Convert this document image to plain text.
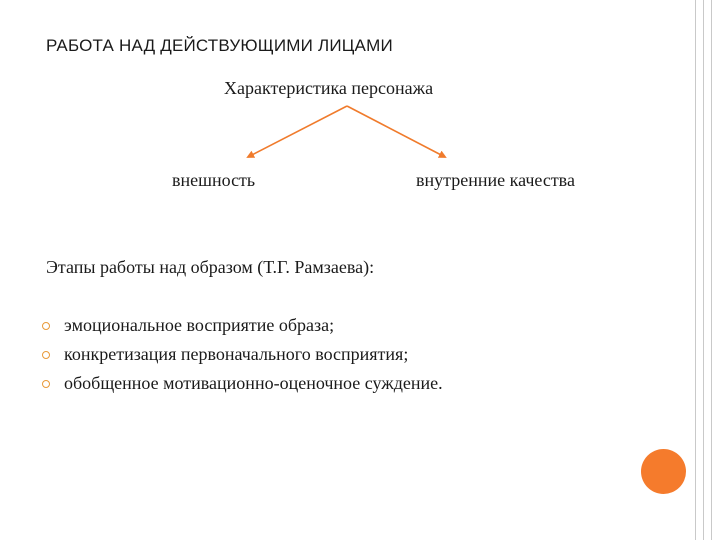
РАБОТА НАД ДЕЙСТВУЮЩИМИ ЛИЦАМИ
Характеристика персонажа
внешность	внутренние качества
Этапы работы над образом (Т.Г. Рамзаева):
эмоциональное восприятие образа;
конкретизация первоначального восприятия;
обобщенное мотивационно-оценочное суждение.
